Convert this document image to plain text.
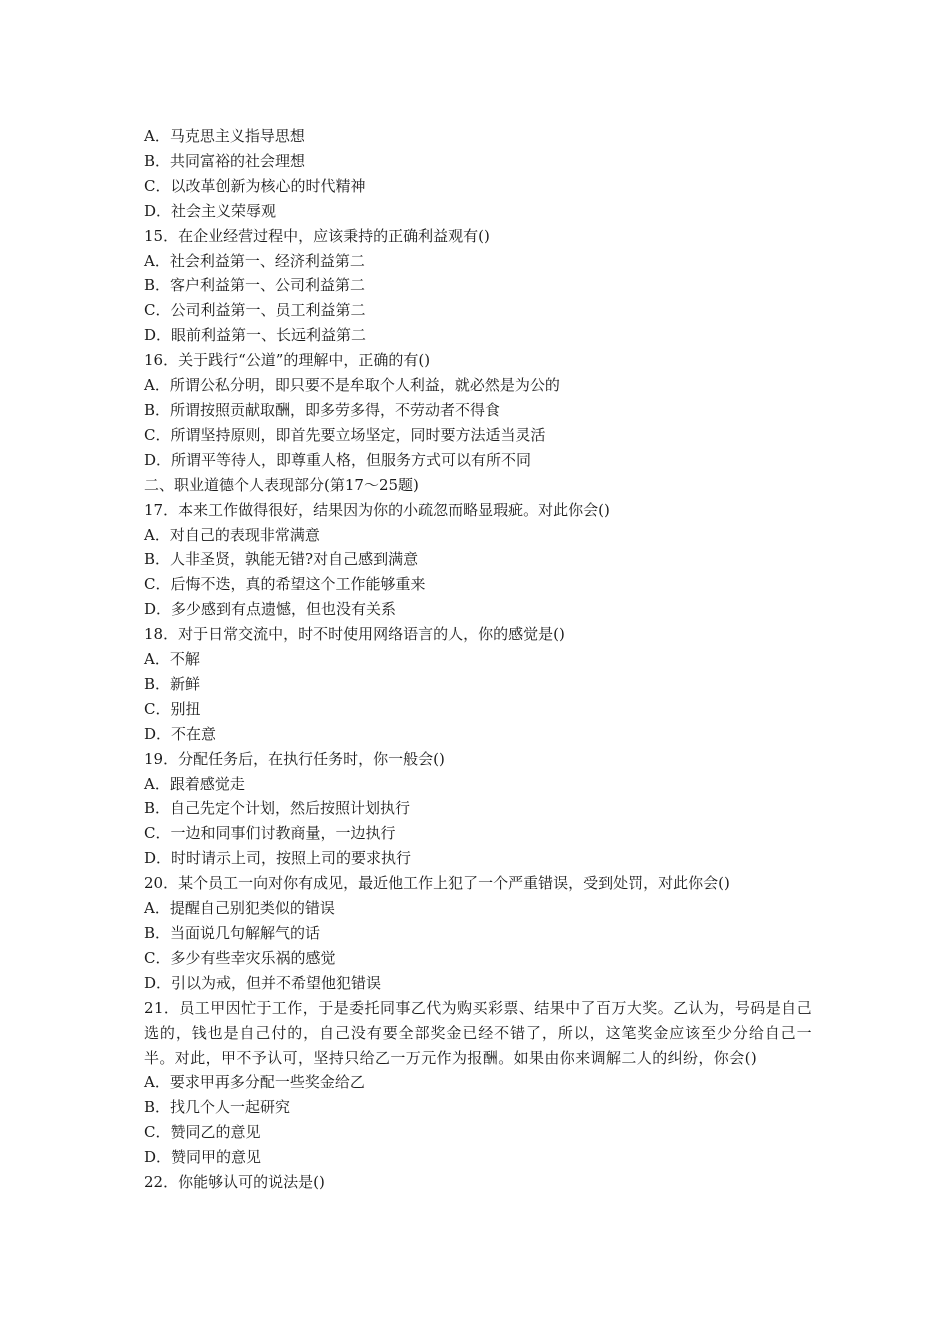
A．马克思主义指导思想
B．共同富裕的社会理想
C．以改革创新为核心的时代精神
D．社会主义荣辱观
15．在企业经营过程中，应该秉持的正确利益观有()
A．社会利益第一、经济利益第二
B．客户利益第一、公司利益第二
C．公司利益第一、员工利益第二
D．眼前利益第一、长远利益第二
16．关于践行“公道”的理解中，正确的有()
A．所谓公私分明，即只要不是牟取个人利益，就必然是为公的
B．所谓按照贡献取酬，即多劳多得，不劳动者不得食
C．所谓坚持原则，即首先要立场坚定，同时要方法适当灵活
D．所谓平等待人，即尊重人格，但服务方式可以有所不同
二、职业道德个人表现部分(第17～25题)
17．本来工作做得很好，结果因为你的小疏忽而略显瑕疵。对此你会()
A．对自己的表现非常满意
B．人非圣贤，孰能无错?对自己感到满意
C．后悔不迭，真的希望这个工作能够重来
D．多少感到有点遗憾，但也没有关系
18．对于日常交流中，时不时使用网络语言的人，你的感觉是()
A．不解
B．新鲜
C．别扭
D．不在意
19．分配任务后，在执行任务时，你一般会()
A．跟着感觉走
B．自己先定个计划，然后按照计划执行
C．一边和同事们讨教商量，一边执行
D．时时请示上司，按照上司的要求执行
20．某个员工一向对你有成见，最近他工作上犯了一个严重错误，受到处罚，对此你会()
A．提醒自己别犯类似的错误
B．当面说几句解解气的话
C．多少有些幸灾乐祸的感觉
D．引以为戒，但并不希望他犯错误
21．员工甲因忙于工作，于是委托同事乙代为购买彩票、结果中了百万大奖。乙认为，号码是自己选的，钱也是自己付的，自己没有要全部奖金已经不错了，所以，这笔奖金应该至少分给自己一半。对此，甲不予认可，坚持只给乙一万元作为报酬。如果由你来调解二人的纠纷，你会()
A．要求甲再多分配一些奖金给乙
B．找几个人一起研究
C．赞同乙的意见
D．赞同甲的意见
22．你能够认可的说法是()
